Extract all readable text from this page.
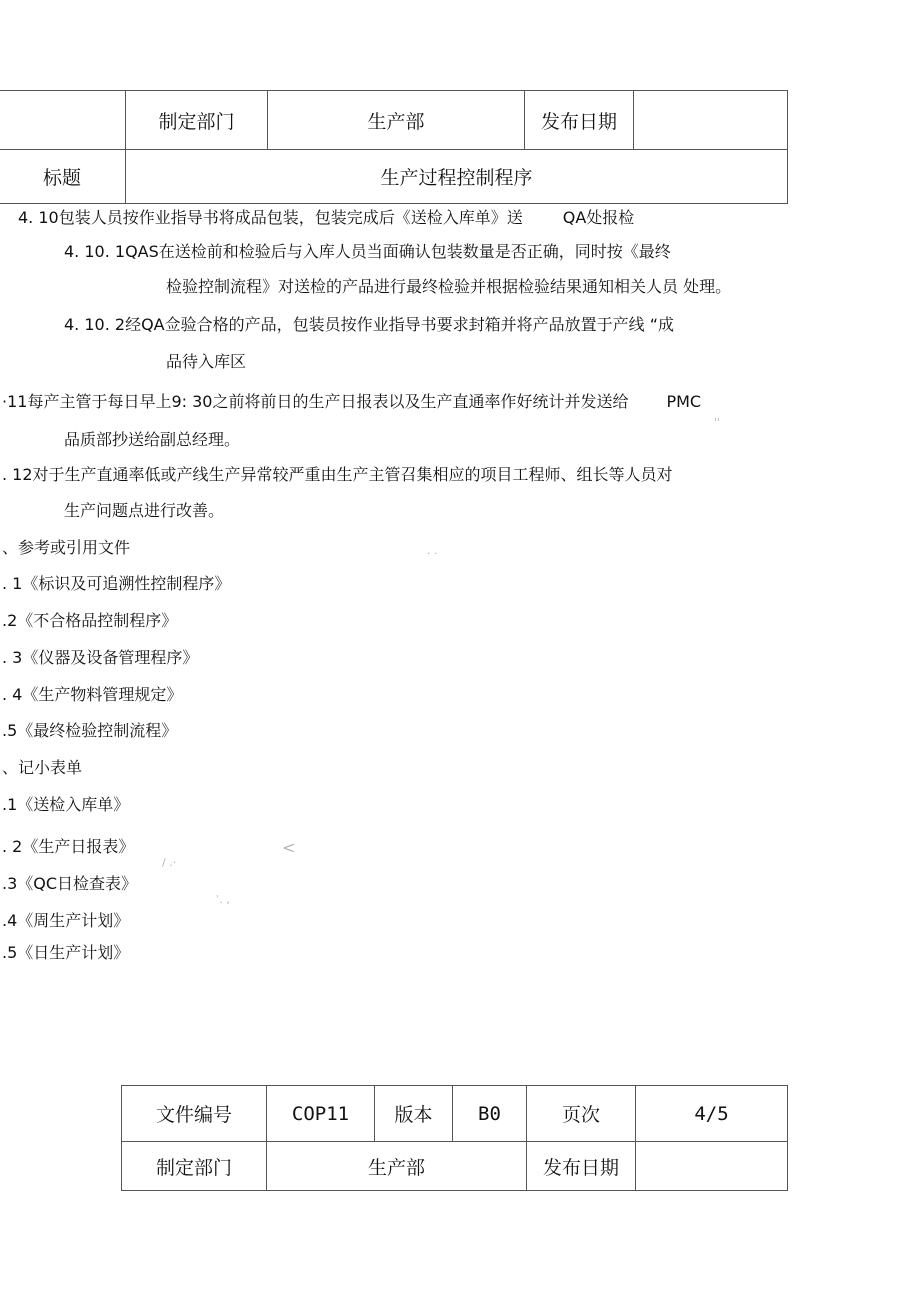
	制定部门	生产部	发布日期	
标题	生产过程控制程序			
4. 10包装人员按作业指导书将成品包装，包装完成后《送检入库单》送	QA处报检
4. 10. 1QAS在送检前和检验后与入库人员当面确认包装数量是否正确，同时按《最终
检验控制流程》对送检的产品进行最终检验并根据检验结果通知相关人员 处理。
4. 10. 2经QA佥验合格的产品，包装员按作业指导书要求封箱并将产品放置于产线 “成
品待入库区
·11每产主管于每日早上9: 30之前将前日的生产日报表以及生产直通率作好统计并发送给 PMC
品质部抄送给副总经理。
. 12对于生产直通率低或产线生产异常较严重由生产主管召集相应的项目工程师、组长等人员对
生产问题点进行改善。
、参考或引用文件
. 1《标识及可追溯性控制程序》
.2《不合格品控制程序》
. 3《仪器及设备管理程序》
. 4《生产物料管理规定》
.5《最终检验控制流程》
、记小表单
.1《送检入库单》
. 2《生产日报表》
.3《QC日检查表》
.4《周生产计划》
.5《日生产计划》
''
. .
<
/ .·
ʾ. ,
文件编号	COP11	版本	B0	页次	4/5
制定部门	生产部			发布日期	
